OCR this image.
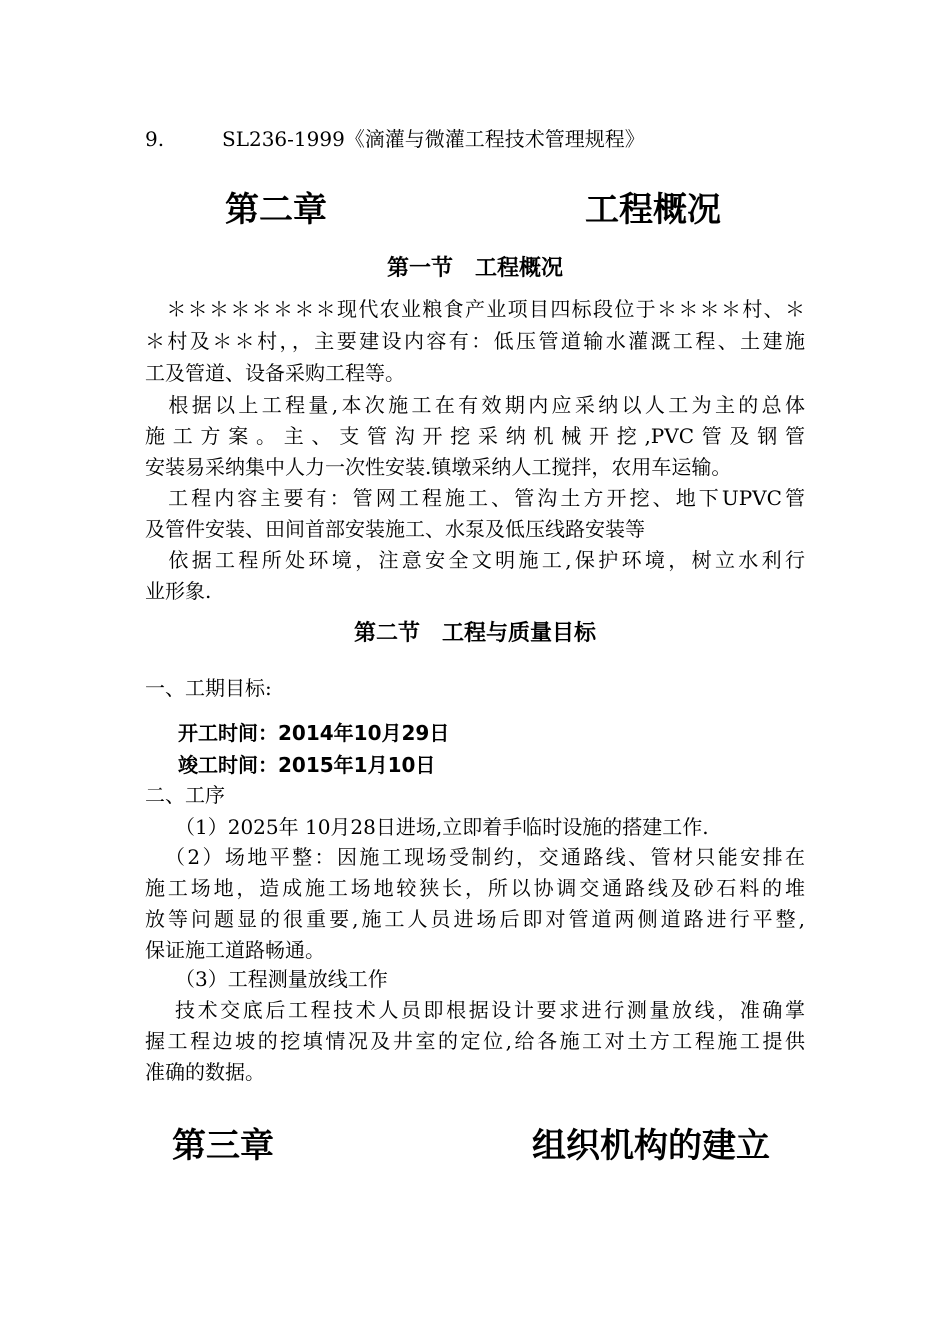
9.	SL236-1999《滴灌与微灌工程技术管理规程》
第二章	工程概况
第一节　工程概况
　＊＊＊＊＊＊＊＊现代农业粮食产业项目四标段位于＊＊＊＊村、＊
＊村及＊＊村，，主要建设内容有：低压管道输水灌溉工程、土建施
工及管道、设备采购工程等。
　根据以上工程量,本次施工在有效期内应采纳以人工为主的总体
施工方案。主、支管沟开挖采纳机械开挖,PVC管及钢管
安装易采纳集中人力一次性安装.镇墩采纳人工搅拌，农用车运输。
　工程内容主要有：管网工程施工、管沟土方开挖、地下UPVC管
及管件安装、田间首部安装施工、水泵及低压线路安装等
　依据工程所处环境，注意安全文明施工,保护环境，树立水利行
业形象.
第二节　工程与质量目标
一、工期目标:
开工时间：2014年10月29日
竣工时间：2015年1月10日
二、工序
（1）2025年 10月28日进场,立即着手临时设施的搭建工作.
（2）场地平整：因施工现场受制约，交通路线、管材只能安排在
施工场地，造成施工场地较狭长，所以协调交通路线及砂石料的堆
放等问题显的很重要,施工人员进场后即对管道两侧道路进行平整,
保证施工道路畅通。
（3）工程测量放线工作
技术交底后工程技术人员即根据设计要求进行测量放线，准确掌
握工程边坡的挖填情况及井室的定位,给各施工对土方工程施工提供
准确的数据。
第三章	组织机构的建立
